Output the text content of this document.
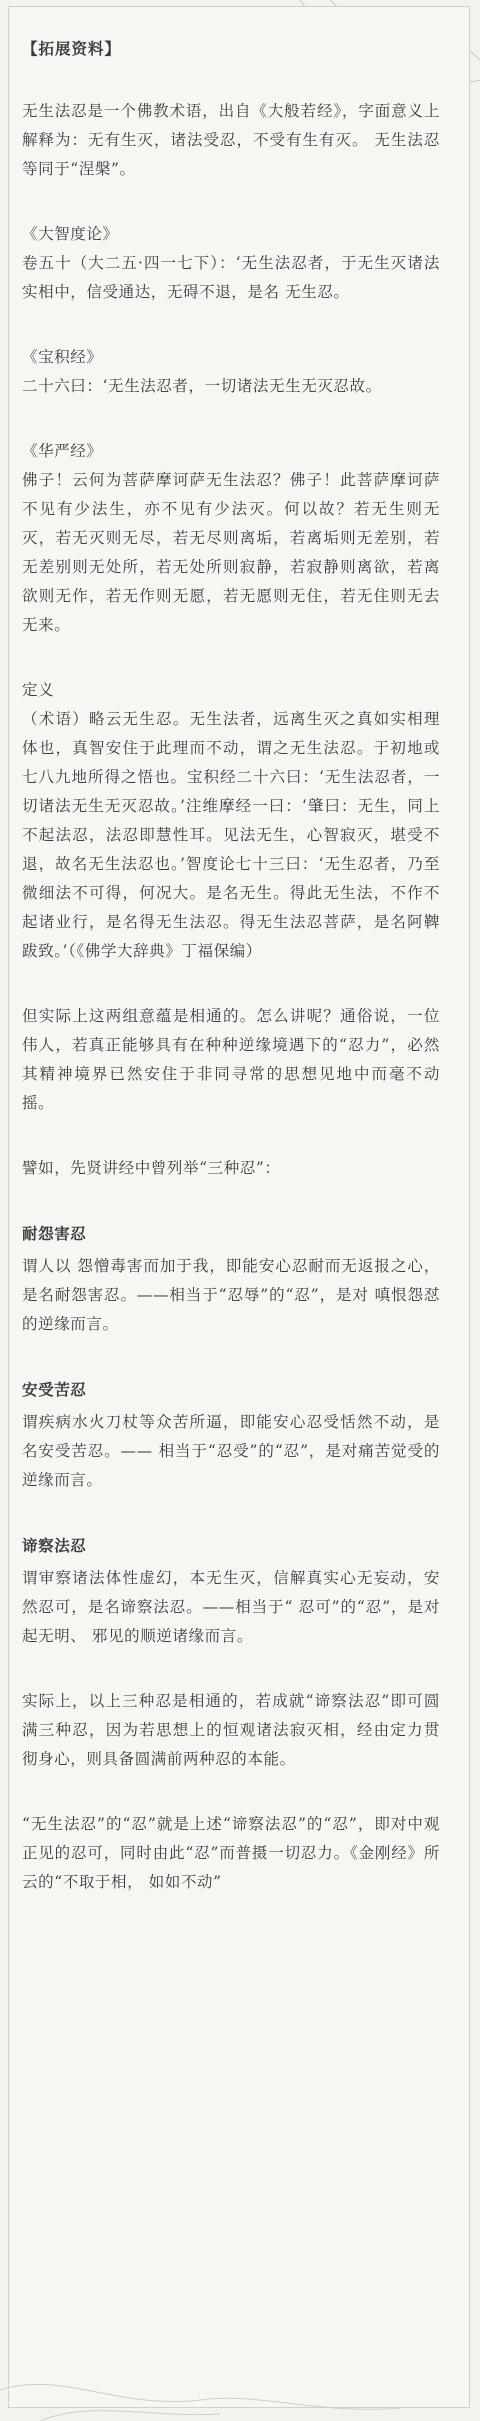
【拓展资料】

无生法忍是一个佛教术语，出自《大般若经》，字面意义上解释为：无有生灭，诸法受忍，不受有生有灭。 无生法忍等同于“涅槃”。

《大智度论》
卷五十（大二五·四一七下）：‘无生法忍者，于无生灭诸法实相中，信受通达，无碍不退，是名 无生忍。

《宝积经》
二十六曰：‘无生法忍者，一切诸法无生无灭忍故。

《华严经》
佛子！云何为菩萨摩诃萨无生法忍？佛子！此菩萨摩诃萨不见有少法生，亦不见有少法灭。何以故？若无生则无灭，若无灭则无尽，若无尽则离垢，若离垢则无差别，若无差别则无处所，若无处所则寂静，若寂静则离欲，若离欲则无作，若无作则无愿，若无愿则无住，若无住则无去无来。

定义
（术语）略云无生忍。无生法者，远离生灭之真如实相理体也，真智安住于此理而不动，谓之无生法忍。于初地或七八九地所得之悟也。宝积经二十六曰：‘无生法忍者，一切诸法无生无灭忍故。’注维摩经一曰：‘肇曰：无生，同上不起法忍，法忍即慧性耳。见法无生，心智寂灭，堪受不退，故名无生法忍也。’智度论七十三曰：‘无生忍者，乃至微细法不可得，何况大。是名无生。得此无生法，不作不起诸业行，是名得无生法忍。得无生法忍菩萨，是名阿鞞跋致。’（《佛学大辞典》丁福保编）

但实际上这两组意蕴是相通的。怎么讲呢？通俗说，一位伟人，若真正能够具有在种种逆缘境遇下的“忍力”，必然其精神境界已然安住于非同寻常的思想见地中而毫不动摇。

譬如，先贤讲经中曾列举“三种忍”：

耐怨害忍
谓人以 怨憎毒害而加于我，即能安心忍耐而无返报之心，是名耐怨害忍。——相当于“忍辱”的“忍”，是对 嗔恨怨怼的逆缘而言。
安受苦忍
谓疾病水火刀杖等众苦所逼，即能安心忍受恬然不动，是名安受苦忍。—— 相当于“忍受”的“忍”，是对痛苦觉受的逆缘而言。
谛察法忍
谓审察诸法体性虚幻，本无生灭，信解真实心无妄动，安然忍可，是名谛察法忍。——相当于“ 忍可”的“忍”，是对起无明、 邪见的顺逆诸缘而言。

实际上，以上三种忍是相通的，若成就“谛察法忍”即可圆满三种忍，因为若思想上的恒观诸法寂灭相，经由定力贯彻身心，则具备圆满前两种忍的本能。

“无生法忍”的“忍”就是上述“谛察法忍”的“忍”，即对中观正见的忍可，同时由此“忍”而普摄一切忍力。《金刚经》所云的“不取于相， 如如不动”
